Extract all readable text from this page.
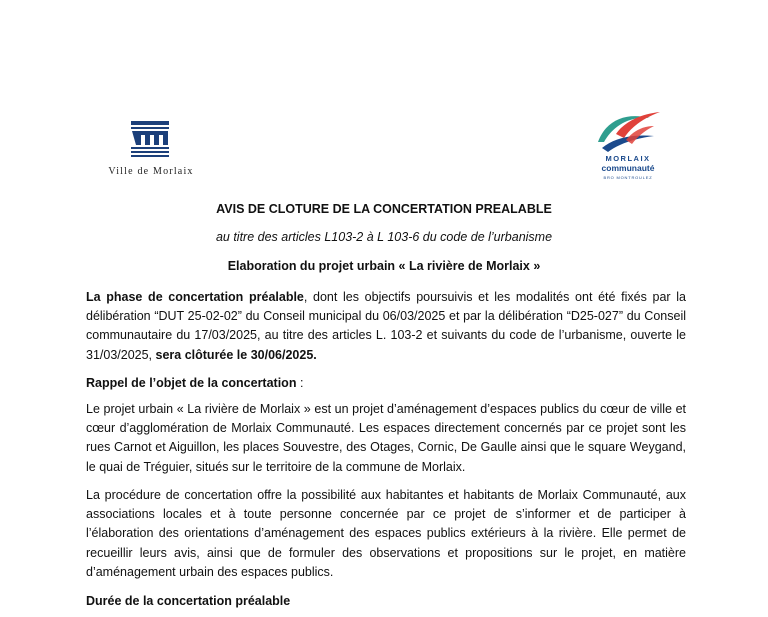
Ville de Morlaix
MORLAIX
communauté
BRO MONTROULEZ
AVIS DE CLOTURE DE LA CONCERTATION PREALABLE
au titre des articles L103-2 à L 103-6 du code de l’urbanisme
Elaboration du projet urbain « La rivière de Morlaix »

La phase de concertation préalable, dont les objectifs poursuivis et les modalités ont été fixés par la délibération “DUT 25-02-02” du Conseil municipal du 06/03/2025 et par la délibération “D25-027” du Conseil communautaire du 17/03/2025, au titre des articles L. 103-2 et suivants du code de l’urbanisme, ouverte le 31/03/2025, sera clôturée le 30/06/2025.

Rappel de l’objet de la concertation :

Le projet urbain « La rivière de Morlaix » est un projet d’aménagement d’espaces publics du cœur de ville et cœur d’agglomération de Morlaix Communauté. Les espaces directement concernés par ce projet sont les rues Carnot et Aiguillon, les places Souvestre, des Otages, Cornic, De Gaulle ainsi que le square Weygand, le quai de Tréguier, situés sur le territoire de la commune de Morlaix.

La procédure de concertation offre la possibilité aux habitantes et habitants de Morlaix Communauté, aux associations locales et à toute personne concernée par ce projet de s’informer et de participer à l’élaboration des orientations d’aménagement des espaces publics extérieurs à la rivière. Elle permet de recueillir leurs avis, ainsi que de formuler des observations et propositions sur le projet, en matière d’aménagement urbain des espaces publics.

Durée de la concertation préalable
